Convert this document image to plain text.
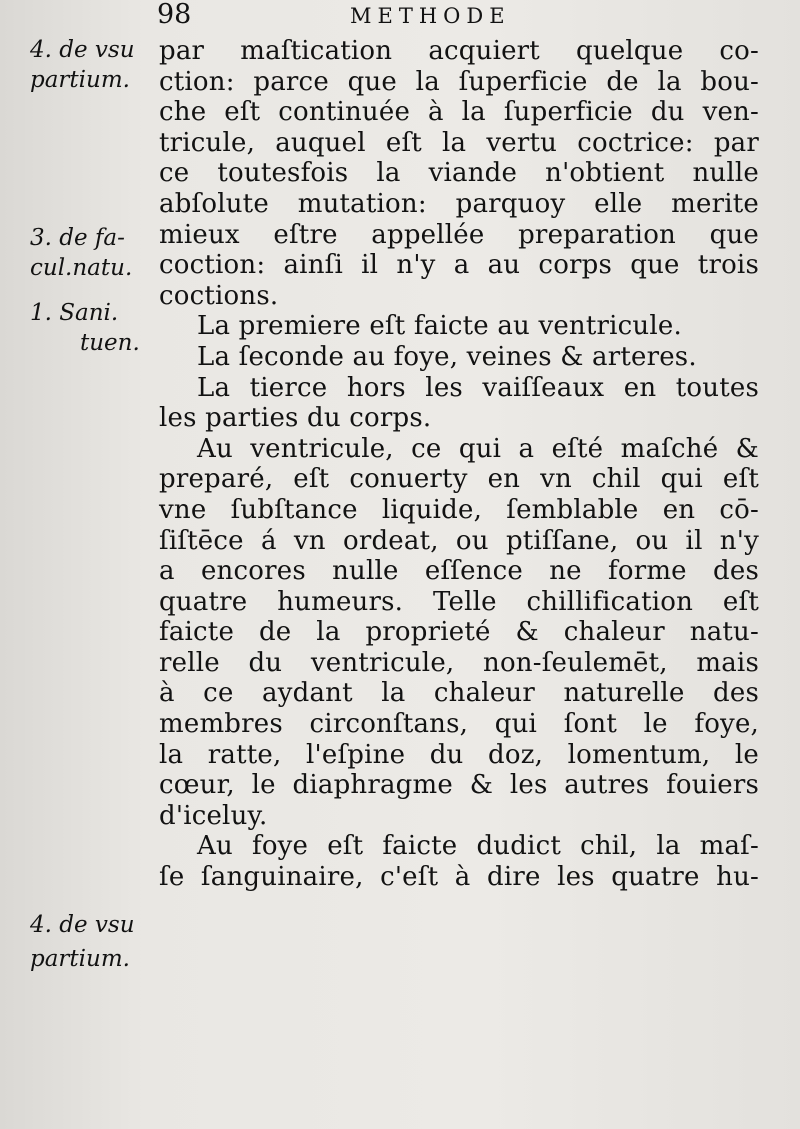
98	METHODE
4. de vsu
partium.
3. de fa-
cul.natu.
1. Sani.
tuen.
4. de vsu
partium.
par maſtication acquiert quelque co-
ction: parce que la ſuperficie de la bou-
che eſt continuée à la ſuperficie du ven-
tricule, auquel eſt la vertu coctrice: par
ce toutesfois la viande n'obtient nulle
abſolute mutation: parquoy elle merite
mieux eſtre appellée preparation que
coction: ainſi il n'y a au corps que trois
coctions.
La premiere eſt faicte au ventricule.
La ſeconde au foye, veines & arteres.
La tierce hors les vaiſſeaux en toutes
les parties du corps.
Au ventricule, ce qui a eſté maſché &
preparé, eſt conuerty en vn chil qui eſt
vne ſubſtance liquide, ſemblable en cō-
ſiſtēce á vn ordeat, ou ptiſſane, ou il n'y
a encores nulle eſſence ne forme des
quatre humeurs. Telle chillification eſt
faicte de la proprieté & chaleur natu-
relle du ventricule, non-ſeulemēt, mais
à ce aydant la chaleur naturelle des
membres circonſtans, qui ſont le foye,
la ratte, l'eſpine du doz, lomentum, le
cœur, le diaphragme & les autres fouiers
d'iceluy.
Au foye eſt faicte dudict chil, la maſ-
ſe ſanguinaire, c'eſt à dire les quatre hu-
